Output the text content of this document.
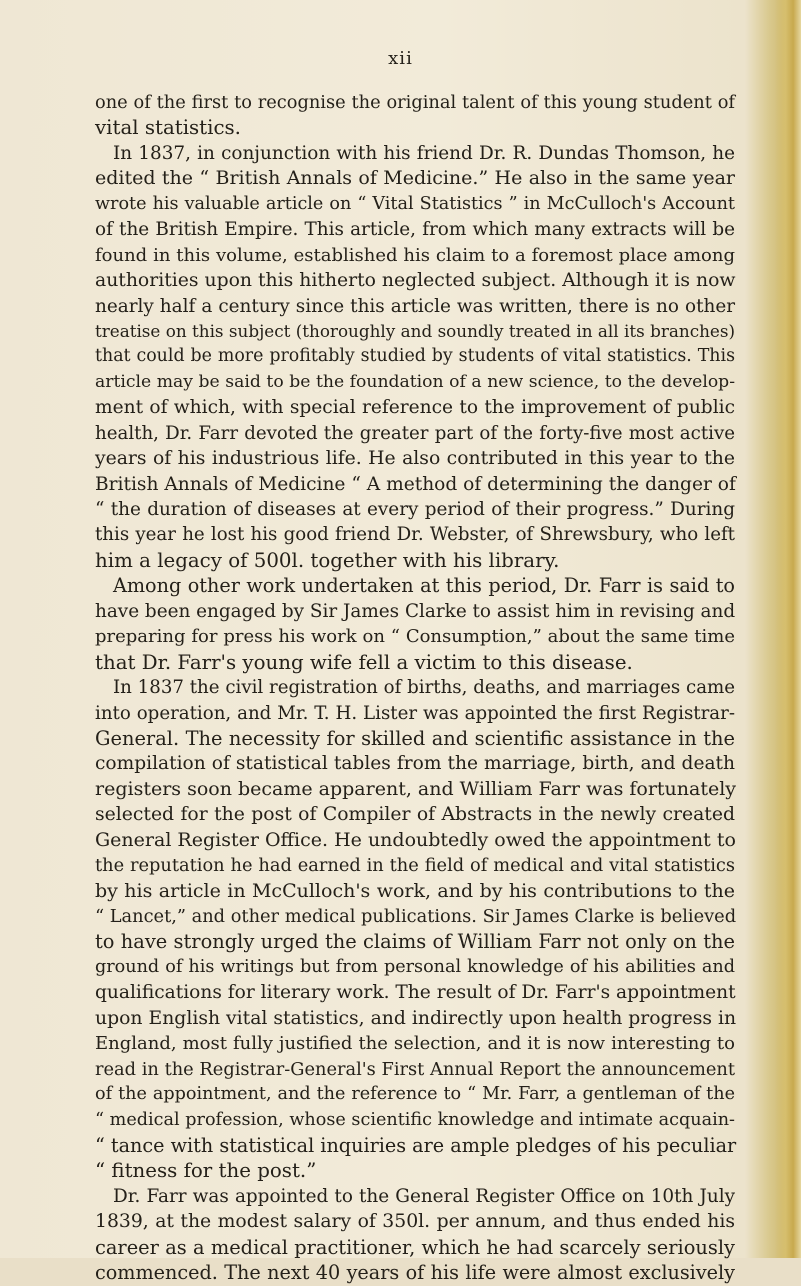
xii
one of the first to recognise the original talent of this young student of
vital statistics.
In 1837, in conjunction with his friend Dr. R. Dundas Thomson, he
edited the “ British Annals of Medicine.” He also in the same year
wrote his valuable article on “ Vital Statistics ” in McCulloch's Account
of the British Empire. This article, from which many extracts will be
found in this volume, established his claim to a foremost place among
authorities upon this hitherto neglected subject. Although it is now
nearly half a century since this article was written, there is no other
treatise on this subject (thoroughly and soundly treated in all its branches)
that could be more profitably studied by students of vital statistics. This
article may be said to be the foundation of a new science, to the develop-
ment of which, with special reference to the improvement of public
health, Dr. Farr devoted the greater part of the forty-five most active
years of his industrious life. He also contributed in this year to the
British Annals of Medicine “ A method of determining the danger of
“ the duration of diseases at every period of their progress.” During
this year he lost his good friend Dr. Webster, of Shrewsbury, who left
him a legacy of 500l. together with his library.
Among other work undertaken at this period, Dr. Farr is said to
have been engaged by Sir James Clarke to assist him in revising and
preparing for press his work on “ Consumption,” about the same time
that Dr. Farr's young wife fell a victim to this disease.
In 1837 the civil registration of births, deaths, and marriages came
into operation, and Mr. T. H. Lister was appointed the first Registrar-
General. The necessity for skilled and scientific assistance in the
compilation of statistical tables from the marriage, birth, and death
registers soon became apparent, and William Farr was fortunately
selected for the post of Compiler of Abstracts in the newly created
General Register Office. He undoubtedly owed the appointment to
the reputation he had earned in the field of medical and vital statistics
by his article in McCulloch's work, and by his contributions to the
“ Lancet,” and other medical publications. Sir James Clarke is believed
to have strongly urged the claims of William Farr not only on the
ground of his writings but from personal knowledge of his abilities and
qualifications for literary work. The result of Dr. Farr's appointment
upon English vital statistics, and indirectly upon health progress in
England, most fully justified the selection, and it is now interesting to
read in the Registrar-General's First Annual Report the announcement
of the appointment, and the reference to “ Mr. Farr, a gentleman of the
“ medical profession, whose scientific knowledge and intimate acquain-
“ tance with statistical inquiries are ample pledges of his peculiar
“ fitness for the post.”
Dr. Farr was appointed to the General Register Office on 10th July
1839, at the modest salary of 350l. per annum, and thus ended his
career as a medical practitioner, which he had scarcely seriously
commenced. The next 40 years of his life were almost exclusively
